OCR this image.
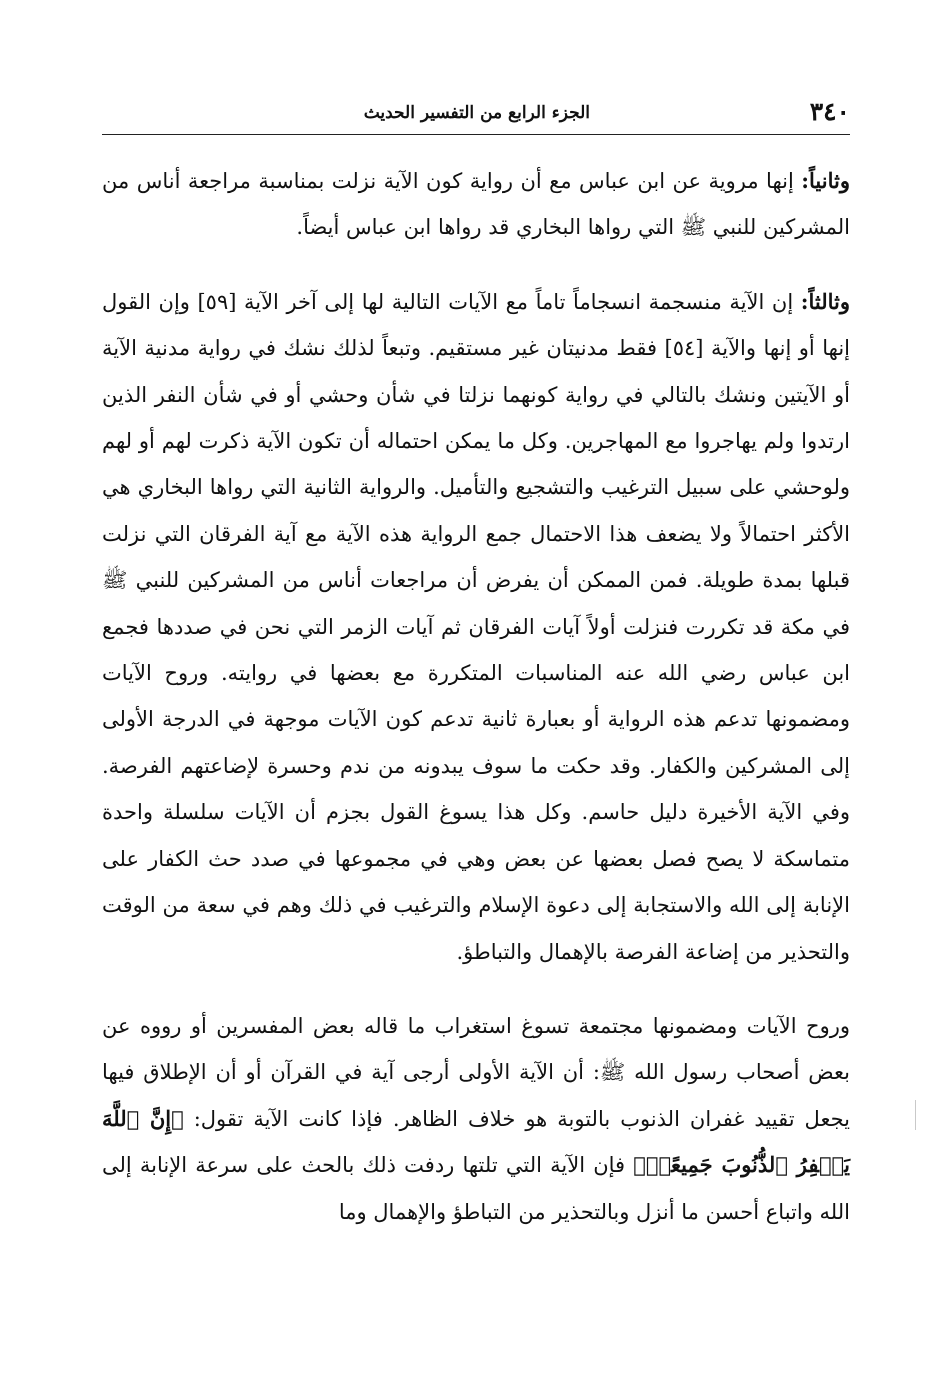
٣٤٠
الجزء الرابع من التفسير الحديث

وثانياً: إنها مروية عن ابن عباس مع أن رواية كون الآية نزلت بمناسبة مراجعة أناس من المشركين للنبي ﷺ التي رواها البخاري قد رواها ابن عباس أيضاً.

وثالثاً: إن الآية منسجمة انسجاماً تاماً مع الآيات التالية لها إلى آخر الآية [٥٩] وإن القول إنها أو إنها والآية [٥٤] فقط مدنيتان غير مستقيم. وتبعاً لذلك نشك في رواية مدنية الآية أو الآيتين ونشك بالتالي في رواية كونهما نزلتا في شأن وحشي أو في شأن النفر الذين ارتدوا ولم يهاجروا مع المهاجرين. وكل ما يمكن احتماله أن تكون الآية ذكرت لهم أو لهم ولوحشي على سبيل الترغيب والتشجيع والتأميل. والرواية الثانية التي رواها البخاري هي الأكثر احتمالاً ولا يضعف هذا الاحتمال جمع الرواية هذه الآية مع آية الفرقان التي نزلت قبلها بمدة طويلة. فمن الممكن أن يفرض أن مراجعات أناس من المشركين للنبي ﷺ في مكة قد تكررت فنزلت أولاً آيات الفرقان ثم آيات الزمر التي نحن في صددها فجمع ابن عباس رضي الله عنه المناسبات المتكررة مع بعضها في روايته. وروح الآيات ومضمونها تدعم هذه الرواية أو بعبارة ثانية تدعم كون الآيات موجهة في الدرجة الأولى إلى المشركين والكفار. وقد حكت ما سوف يبدونه من ندم وحسرة لإضاعتهم الفرصة. وفي الآية الأخيرة دليل حاسم. وكل هذا يسوغ القول بجزم أن الآيات سلسلة واحدة متماسكة لا يصح فصل بعضها عن بعض وهي في مجموعها في صدد حث الكفار على الإنابة إلى الله والاستجابة إلى دعوة الإسلام والترغيب في ذلك وهم في سعة من الوقت والتحذير من إضاعة الفرصة بالإهمال والتباطؤ.

وروح الآيات ومضمونها مجتمعة تسوغ استغراب ما قاله بعض المفسرين أو رووه عن بعض أصحاب رسول الله ﷺ: أن الآية الأولى أرجى آية في القرآن أو أن الإطلاق فيها يجعل تقييد غفران الذنوب بالتوبة هو خلاف الظاهر. فإذا كانت الآية تقول: ﴿إِنَّ ٱللَّهَ يَغۡفِرُ ٱلذُّنُوبَ جَمِيعًاۚ﴾ فإن الآية التي تلتها ردفت ذلك بالحث على سرعة الإنابة إلى الله واتباع أحسن ما أنزل وبالتحذير من التباطؤ والإهمال وما
